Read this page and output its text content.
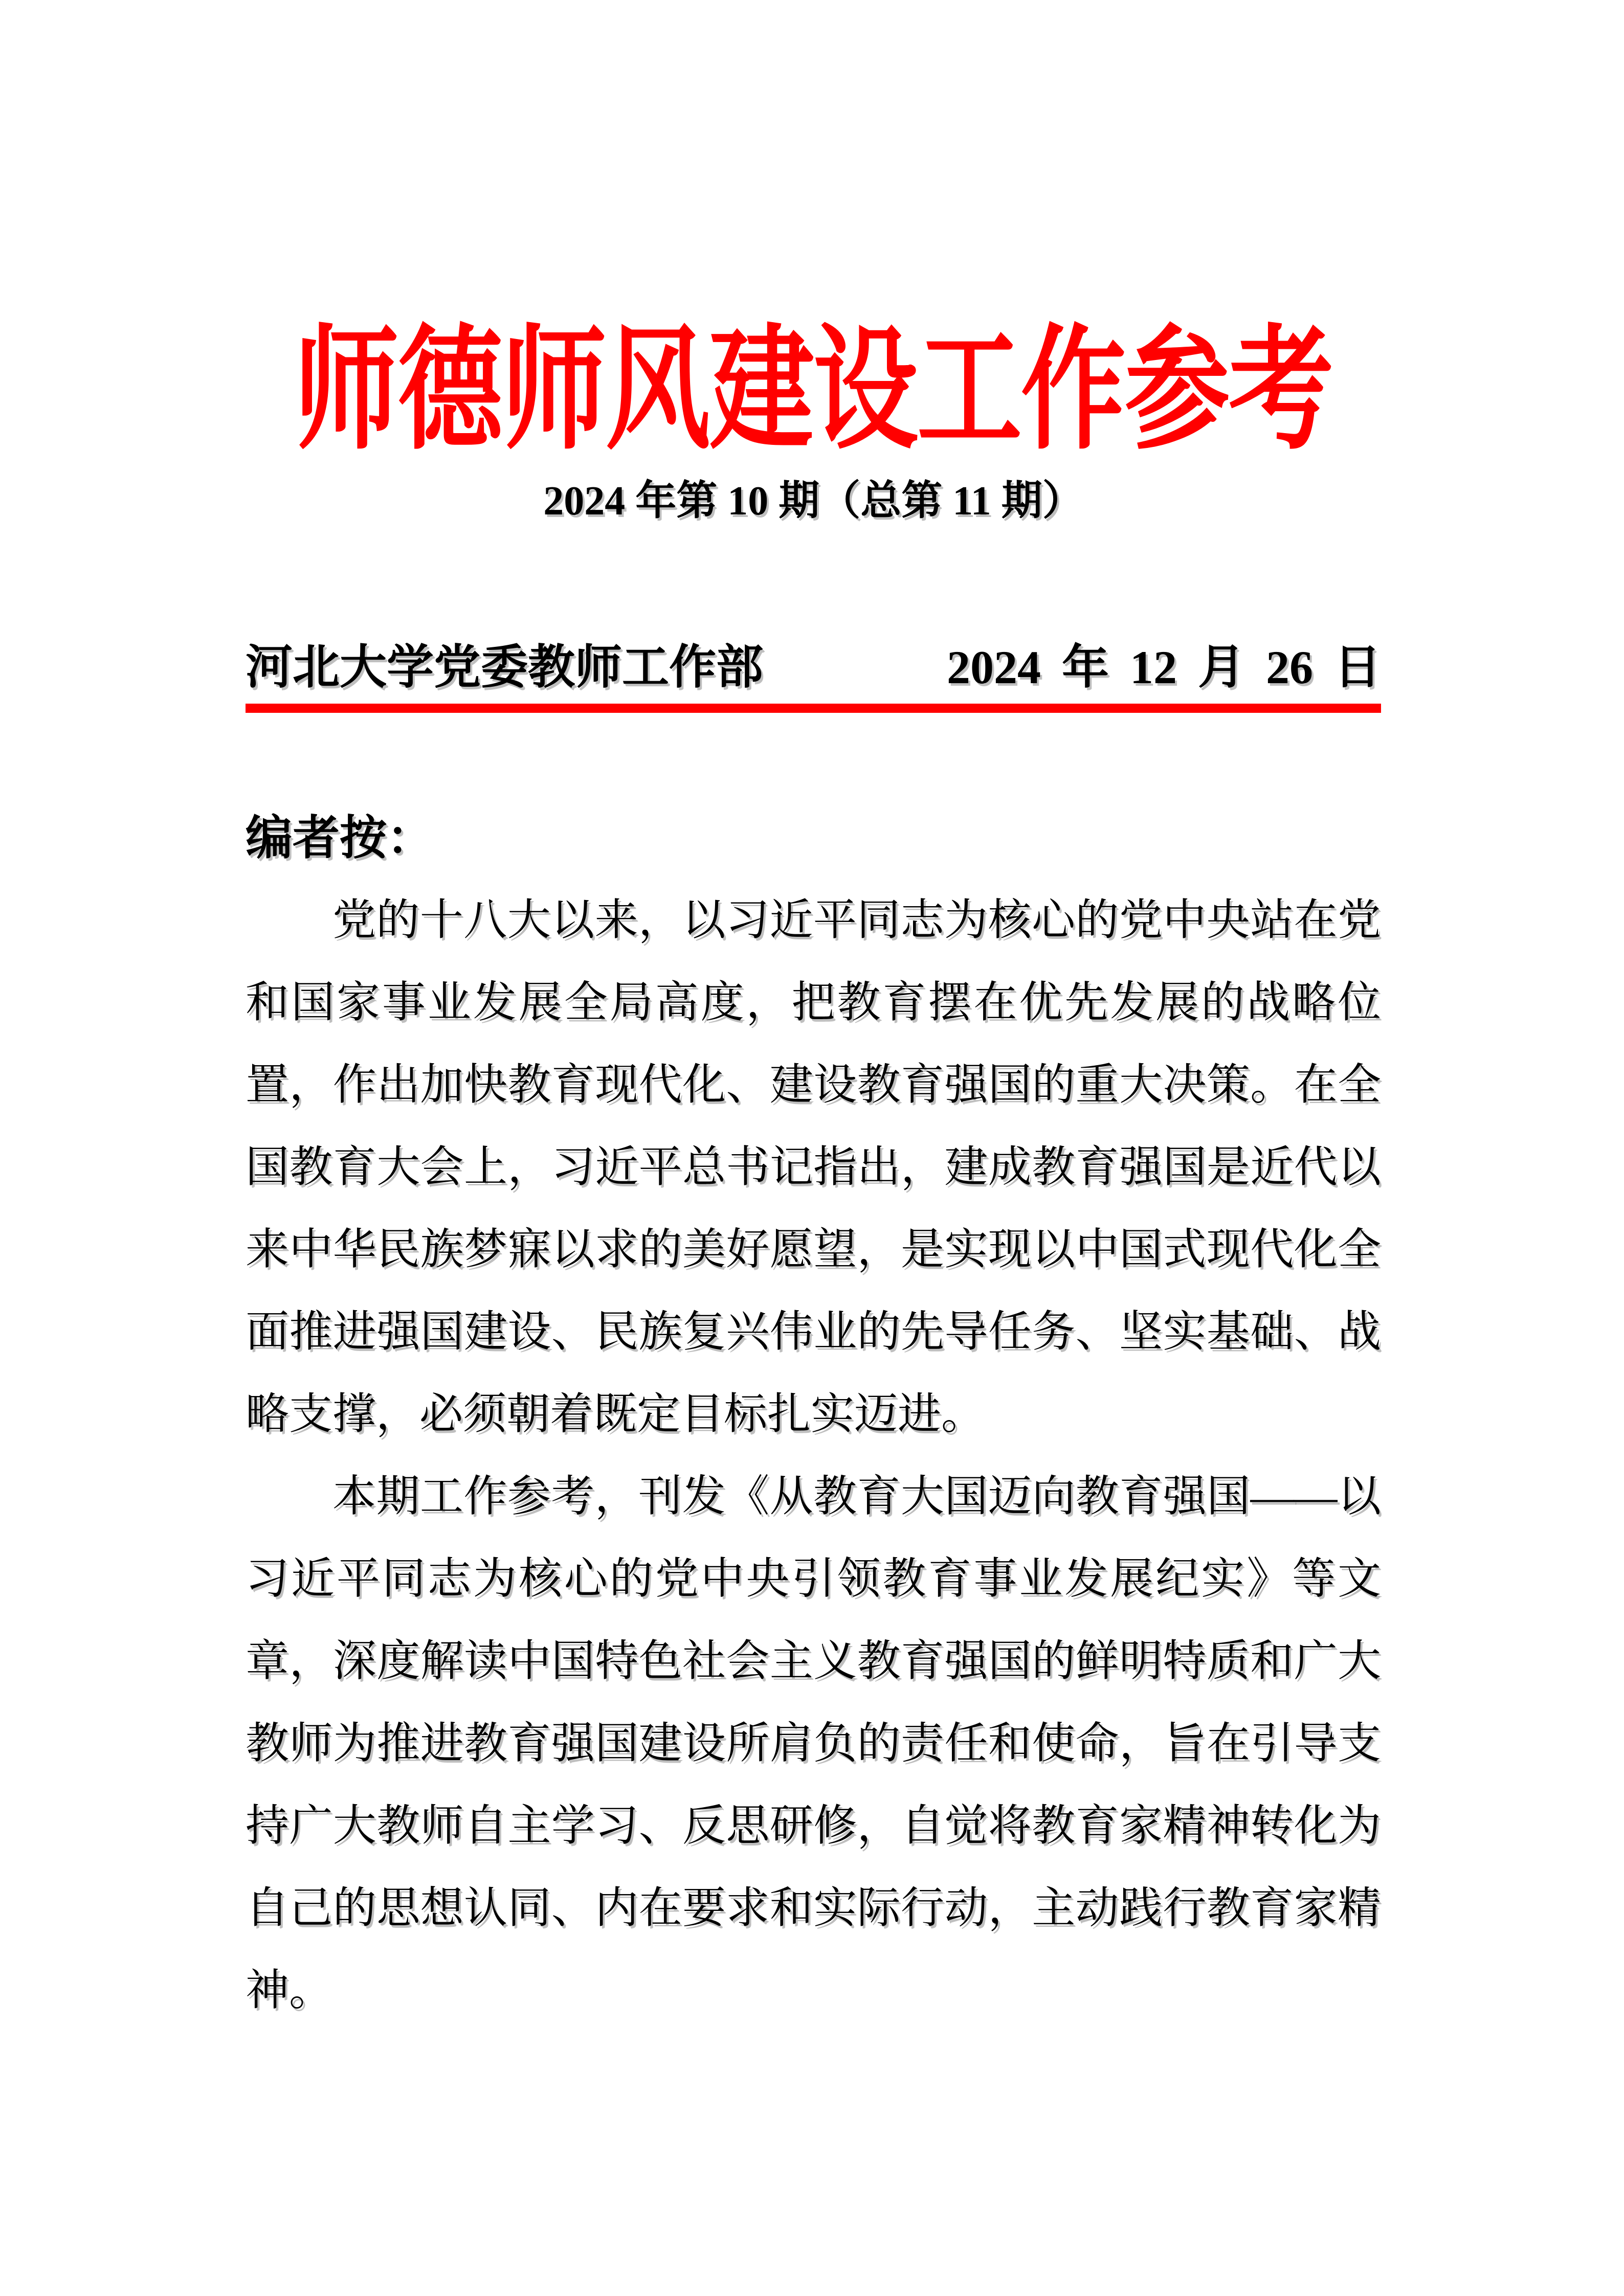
师德师风建设工作参考
2024 年第 10 期（总第 11 期）
河北大学党委教师工作部	2024 年 12 月 26 日
编者按：

党的十八大以来，以习近平同志为核心的党中央站在党和国家事业发展全局高度，把教育摆在优先发展的战略位置，作出加快教育现代化、建设教育强国的重大决策。在全国教育大会上，习近平总书记指出，建成教育强国是近代以来中华民族梦寐以求的美好愿望，是实现以中国式现代化全面推进强国建设、民族复兴伟业的先导任务、坚实基础、战略支撑，必须朝着既定目标扎实迈进。

本期工作参考，刊发《从教育大国迈向教育强国——以习近平同志为核心的党中央引领教育事业发展纪实》等文章，深度解读中国特色社会主义教育强国的鲜明特质和广大教师为推进教育强国建设所肩负的责任和使命，旨在引导支持广大教师自主学习、反思研修，自觉将教育家精神转化为自己的思想认同、内在要求和实际行动，主动践行教育家精神。
